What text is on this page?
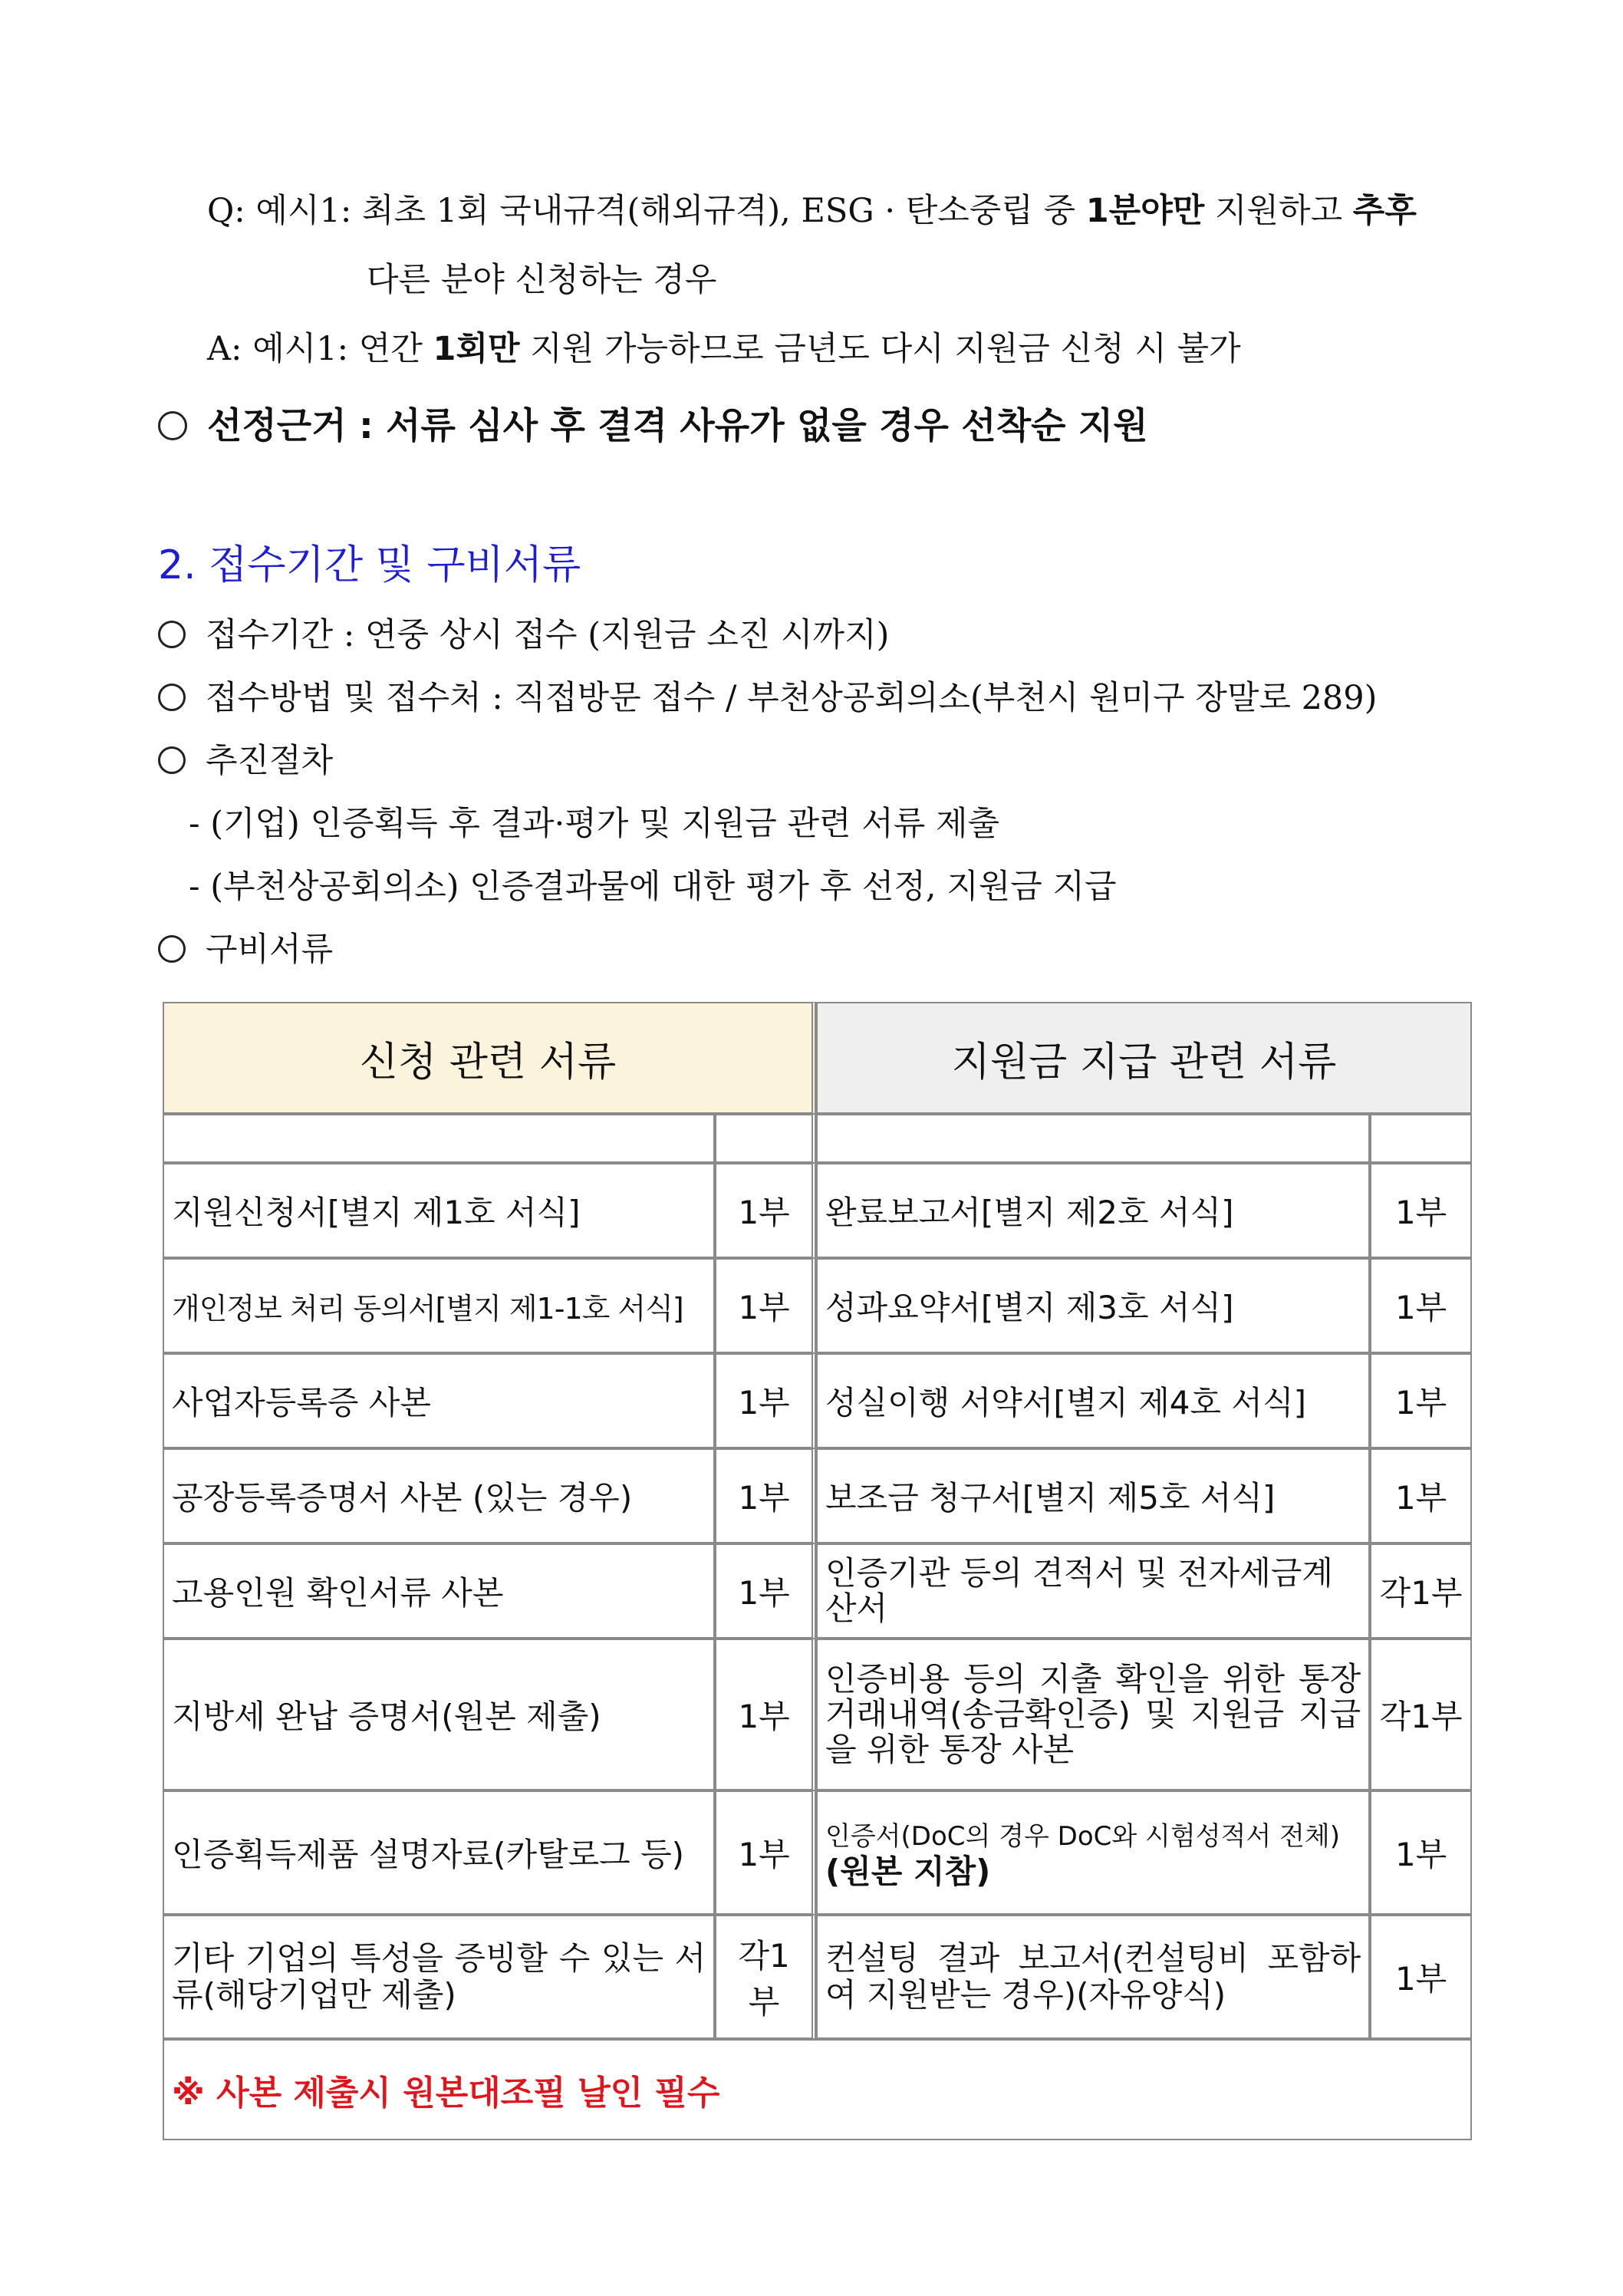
Q: 예시1: 최초 1회 국내규격(해외규격), ESG · 탄소중립 중 1분야만 지원하고 추후
다른 분야 신청하는 경우
A: 예시1: 연간 1회만 지원 가능하므로 금년도 다시 지원금 신청 시 불가
선정근거 : 서류 심사 후 결격 사유가 없을 경우 선착순 지원
2. 접수기간 및 구비서류
접수기간 : 연중 상시 접수 (지원금 소진 시까지)
접수방법 및 접수처 : 직접방문 접수 / 부천상공회의소(부천시 원미구 장말로 289)
추진절차
- (기업) 인증획득 후 결과·평가 및 지원금 관련 서류 제출
- (부천상공회의소) 인증결과물에 대한 평가 후 선정, 지원금 지급
구비서류
신청 관련 서류		지원금 지급 관련 서류	

지원신청서[별지 제1호 서식]	1부	완료보고서[별지 제2호 서식]	1부
개인정보 처리 동의서[별지 제1-1호 서식]	1부	성과요약서[별지 제3호 서식]	1부
사업자등록증 사본	1부	성실이행 서약서[별지 제4호 서식]	1부
공장등록증명서 사본 (있는 경우)	1부	보조금 청구서[별지 제5호 서식]	1부
고용인원 확인서류 사본	1부	인증기관 등의 견적서 및 전자세금계산서	각1부
지방세 완납 증명서(원본 제출)	1부	인증비용 등의 지출 확인을 위한 통장거래내역(송금확인증) 및 지원금 지급을 위한 통장 사본	각1부
인증획득제품 설명자료(카탈로그 등)	1부	인증서(DoC의 경우 DoC와 시험성적서 전체)(원본 지참)	1부
기타 기업의 특성을 증빙할 수 있는 서류(해당기업만 제출)	각1부	컨설팅 결과 보고서(컨설팅비 포함하여 지원받는 경우)(자유양식)	1부
※ 사본 제출시 원본대조필 날인 필수			
